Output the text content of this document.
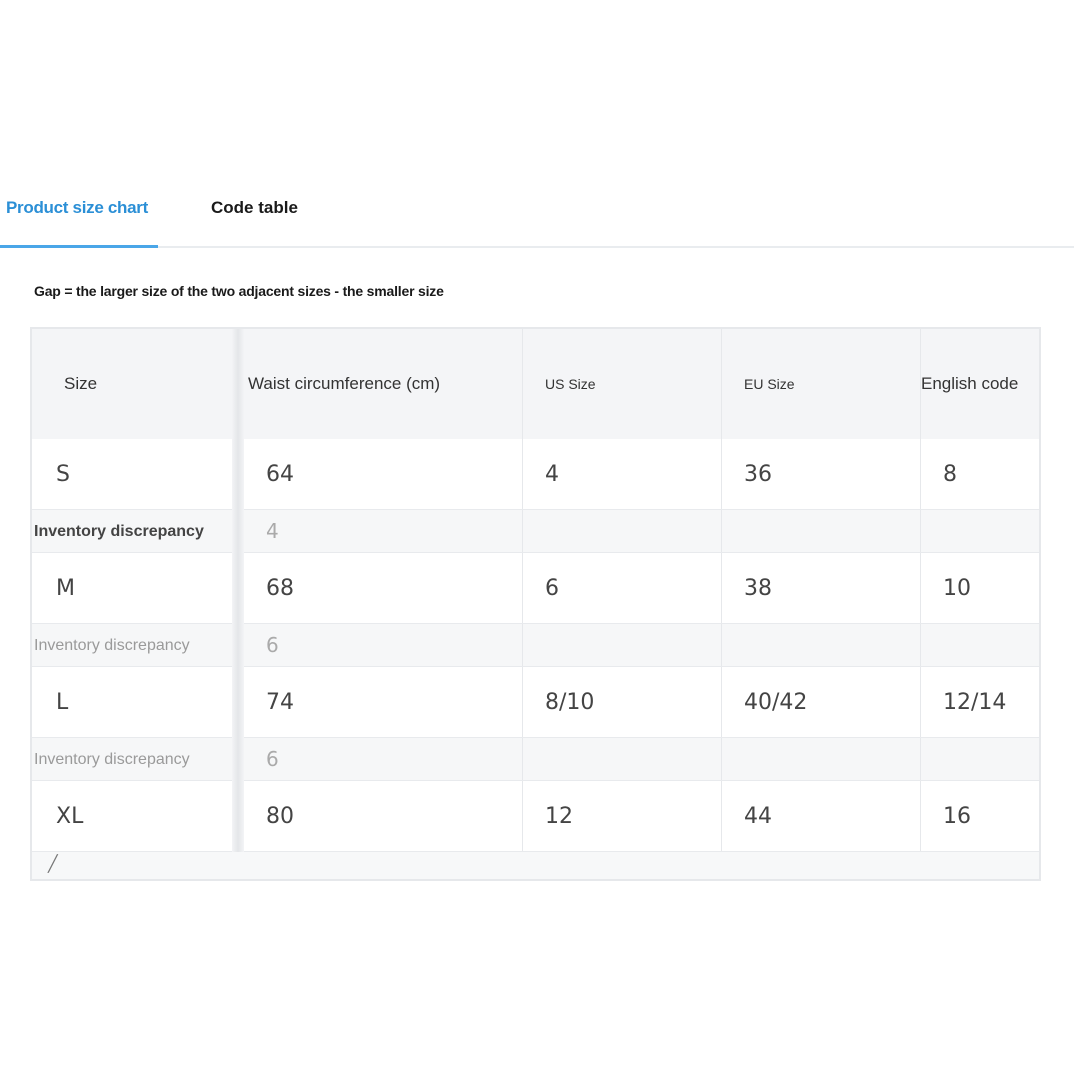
Product size chart	Code table
Gap = the larger size of the two adjacent sizes - the smaller size
Size	Waist circumference (cm)	US Size	EU Size	English code
S	64	4	36	8
Inventory discrepancy	4
M	68	6	38	10
Inventory discrepancy	6
L	74	8/10	40/42	12/14
Inventory discrepancy	6
XL	80	12	44	16
╱
